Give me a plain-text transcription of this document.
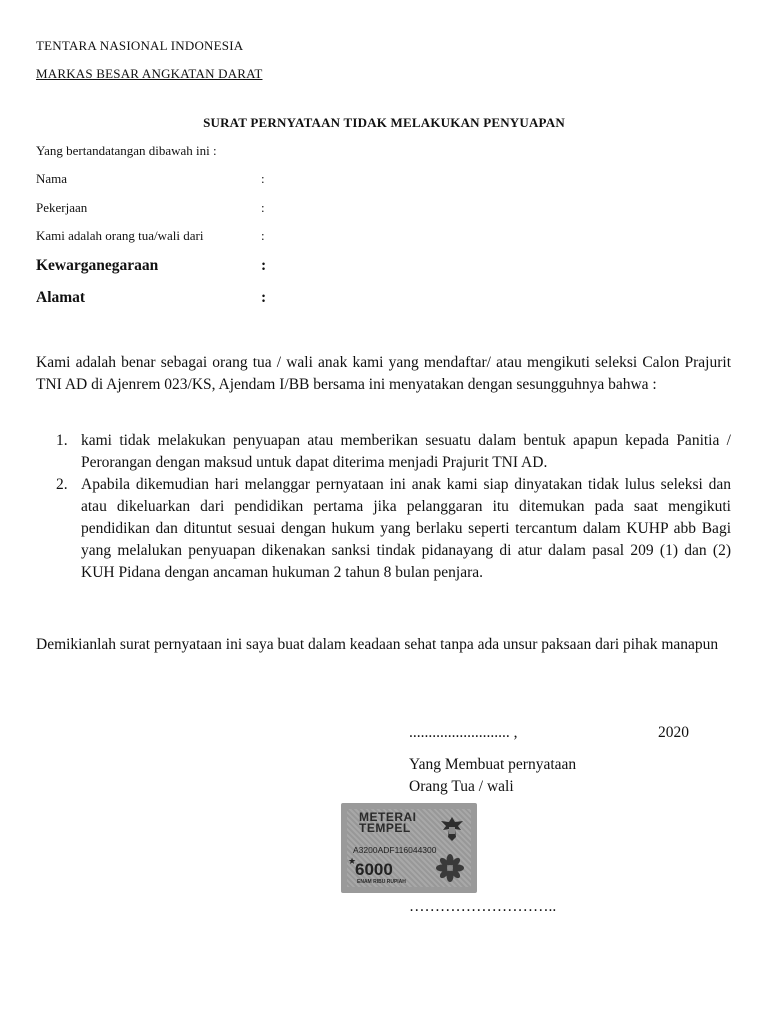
TENTARA NASIONAL INDONESIA
MARKAS BESAR ANGKATAN DARAT
SURAT PERNYATAAN TIDAK MELAKUKAN PENYUAPAN
Yang bertandatangan dibawah ini :
Nama	:
Pekerjaan	:
Kami adalah orang tua/wali dari	:
Kewarganegaraan	:
Alamat	:
Kami adalah benar sebagai orang tua / wali anak kami yang mendaftar/ atau mengikuti seleksi Calon Prajurit TNI AD di Ajenrem 023/KS, Ajendam I/BB bersama ini menyatakan dengan sesungguhnya bahwa :
1. kami tidak melakukan penyuapan atau memberikan sesuatu dalam bentuk apapun kepada Panitia / Perorangan dengan maksud untuk dapat diterima menjadi Prajurit TNI AD.
2. Apabila dikemudian hari melanggar pernyataan ini anak kami siap dinyatakan tidak lulus seleksi dan atau dikeluarkan dari pendidikan pertama jika pelanggaran itu ditemukan pada saat mengikuti pendidikan dan dituntut sesuai dengan hukum yang berlaku seperti tercantum dalam KUHP abb Bagi yang melalukan penyuapan dikenakan sanksi tindak pidanayang di atur dalam pasal 209 (1) dan (2) KUH Pidana dengan ancaman hukuman 2 tahun 8 bulan penjara.
Demikianlah surat pernyataan ini saya buat dalam keadaan sehat tanpa ada unsur paksaan dari pihak manapun
.......................... ,	2020
Yang Membuat pernyataan
Orang Tua / wali
METERAI
TEMPEL
A3200ADF116044300
★
6000
ENAM RIBU RUPIAH
………………………..
